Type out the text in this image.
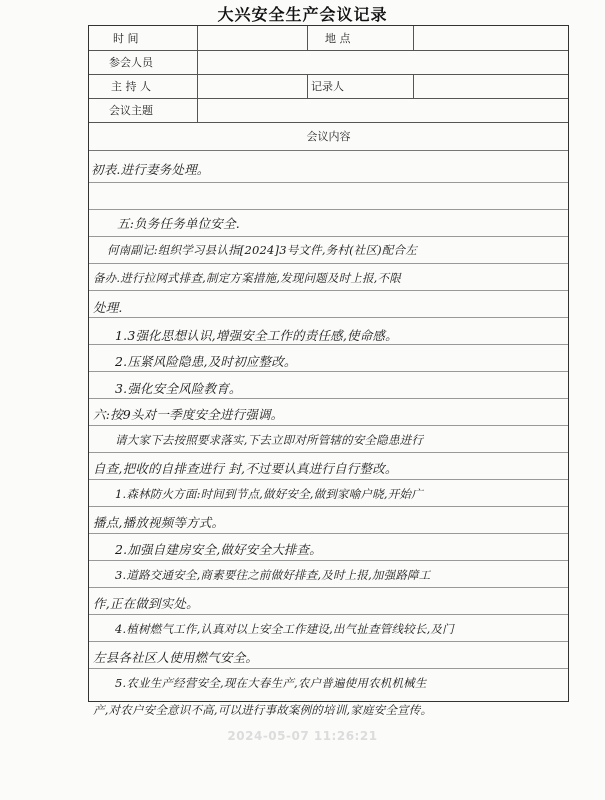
大兴安全生产会议记录
时 间	地 点
参会人员
主 持 人	记录人
会议主题
会议内容
初表.进行妻务处理。
五:负务任务单位安全.
何南副记:组织学习县认指[2024]3号文件,务村(社区)配合左
备办.进行拉网式排查,制定方案措施,发现问题及时上报,不限
处理.
1.3强化思想认识,增强安全工作的责任感,使命感。
2.压紧风险隐患,及时初应整改。
3.强化安全风险教育。
六:按9头对一季度安全进行强调。
请大家下去按照要求落实,下去立即对所管辖的安全隐患进行
自查,把收的自排查进行 封,不过要认真进行自行整改。
1.森林防火方面:时间到节点,做好安全,做到家喻户晓,开始广
播点,播放视频等方式。
2.加强自建房安全,做好安全大排查。
3.道路交通安全,商素要往之前做好排查,及时上报,加强路障工
作,正在做到实处。
4.植树燃气工作,认真对以上安全工作建设,出气扯查管线较长,及门
左县各社区人使用燃气安全。
5.农业生产经营安全,现在大春生产,农户普遍使用农机机械生
产,对农户安全意识不高,可以进行事故案例的培训,家庭安全宣传。
2024-05-07 11:26:21
